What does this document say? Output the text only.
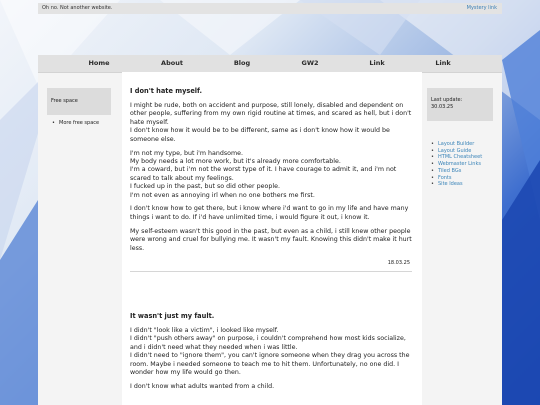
Oh no. Not another website.	Mystery link
Home	About	Blog	GW2	Link	Link
Free space
• More free space
I don't hate myself.

I might be rude, both on accident and purpose, still lonely, disabled and dependent on other people, suffering from my own rigid routine at times, and scared as hell, but i don't hate myself.
I don't know how it would be to be different, same as i don't know how it would be someone else.

I'm not my type, but i'm handsome.
My body needs a lot more work, but it's already more comfortable.
I'm a coward, but i'm not the worst type of it. I have courage to admit it, and i'm not scared to talk about my feelings.
I fucked up in the past, but so did other people.
I'm not even as annoying irl when no one bothers me first.

I don't know how to get there, but i know where i'd want to go in my life and have many things i want to do. If i'd have unlimited time, i would figure it out, i know it.

My self-esteem wasn't this good in the past, but even as a child, i still knew other people were wrong and cruel for bullying me. It wasn't my fault. Knowing this didn't make it hurt less.

18.03.25
It wasn't just my fault.

I didn't "look like a victim", i looked like myself.
I didn't "push others away" on purpose, i couldn't comprehend how most kids socialize, and i didn't need what they needed when i was little.
I didn't need to "ignore them", you can't ignore someone when they drag you across the room. Maybe i needed someone to teach me to hit them. Unfortunately, no one did. I wonder how my life would go then.

I don't know what adults wanted from a child.

Last update:
30.03.25
• Layout Builder
• Layout Guide
• HTML Cheatsheet
• Webmaster Links
• Tiled BGs
• Fonts
• Site Ideas
